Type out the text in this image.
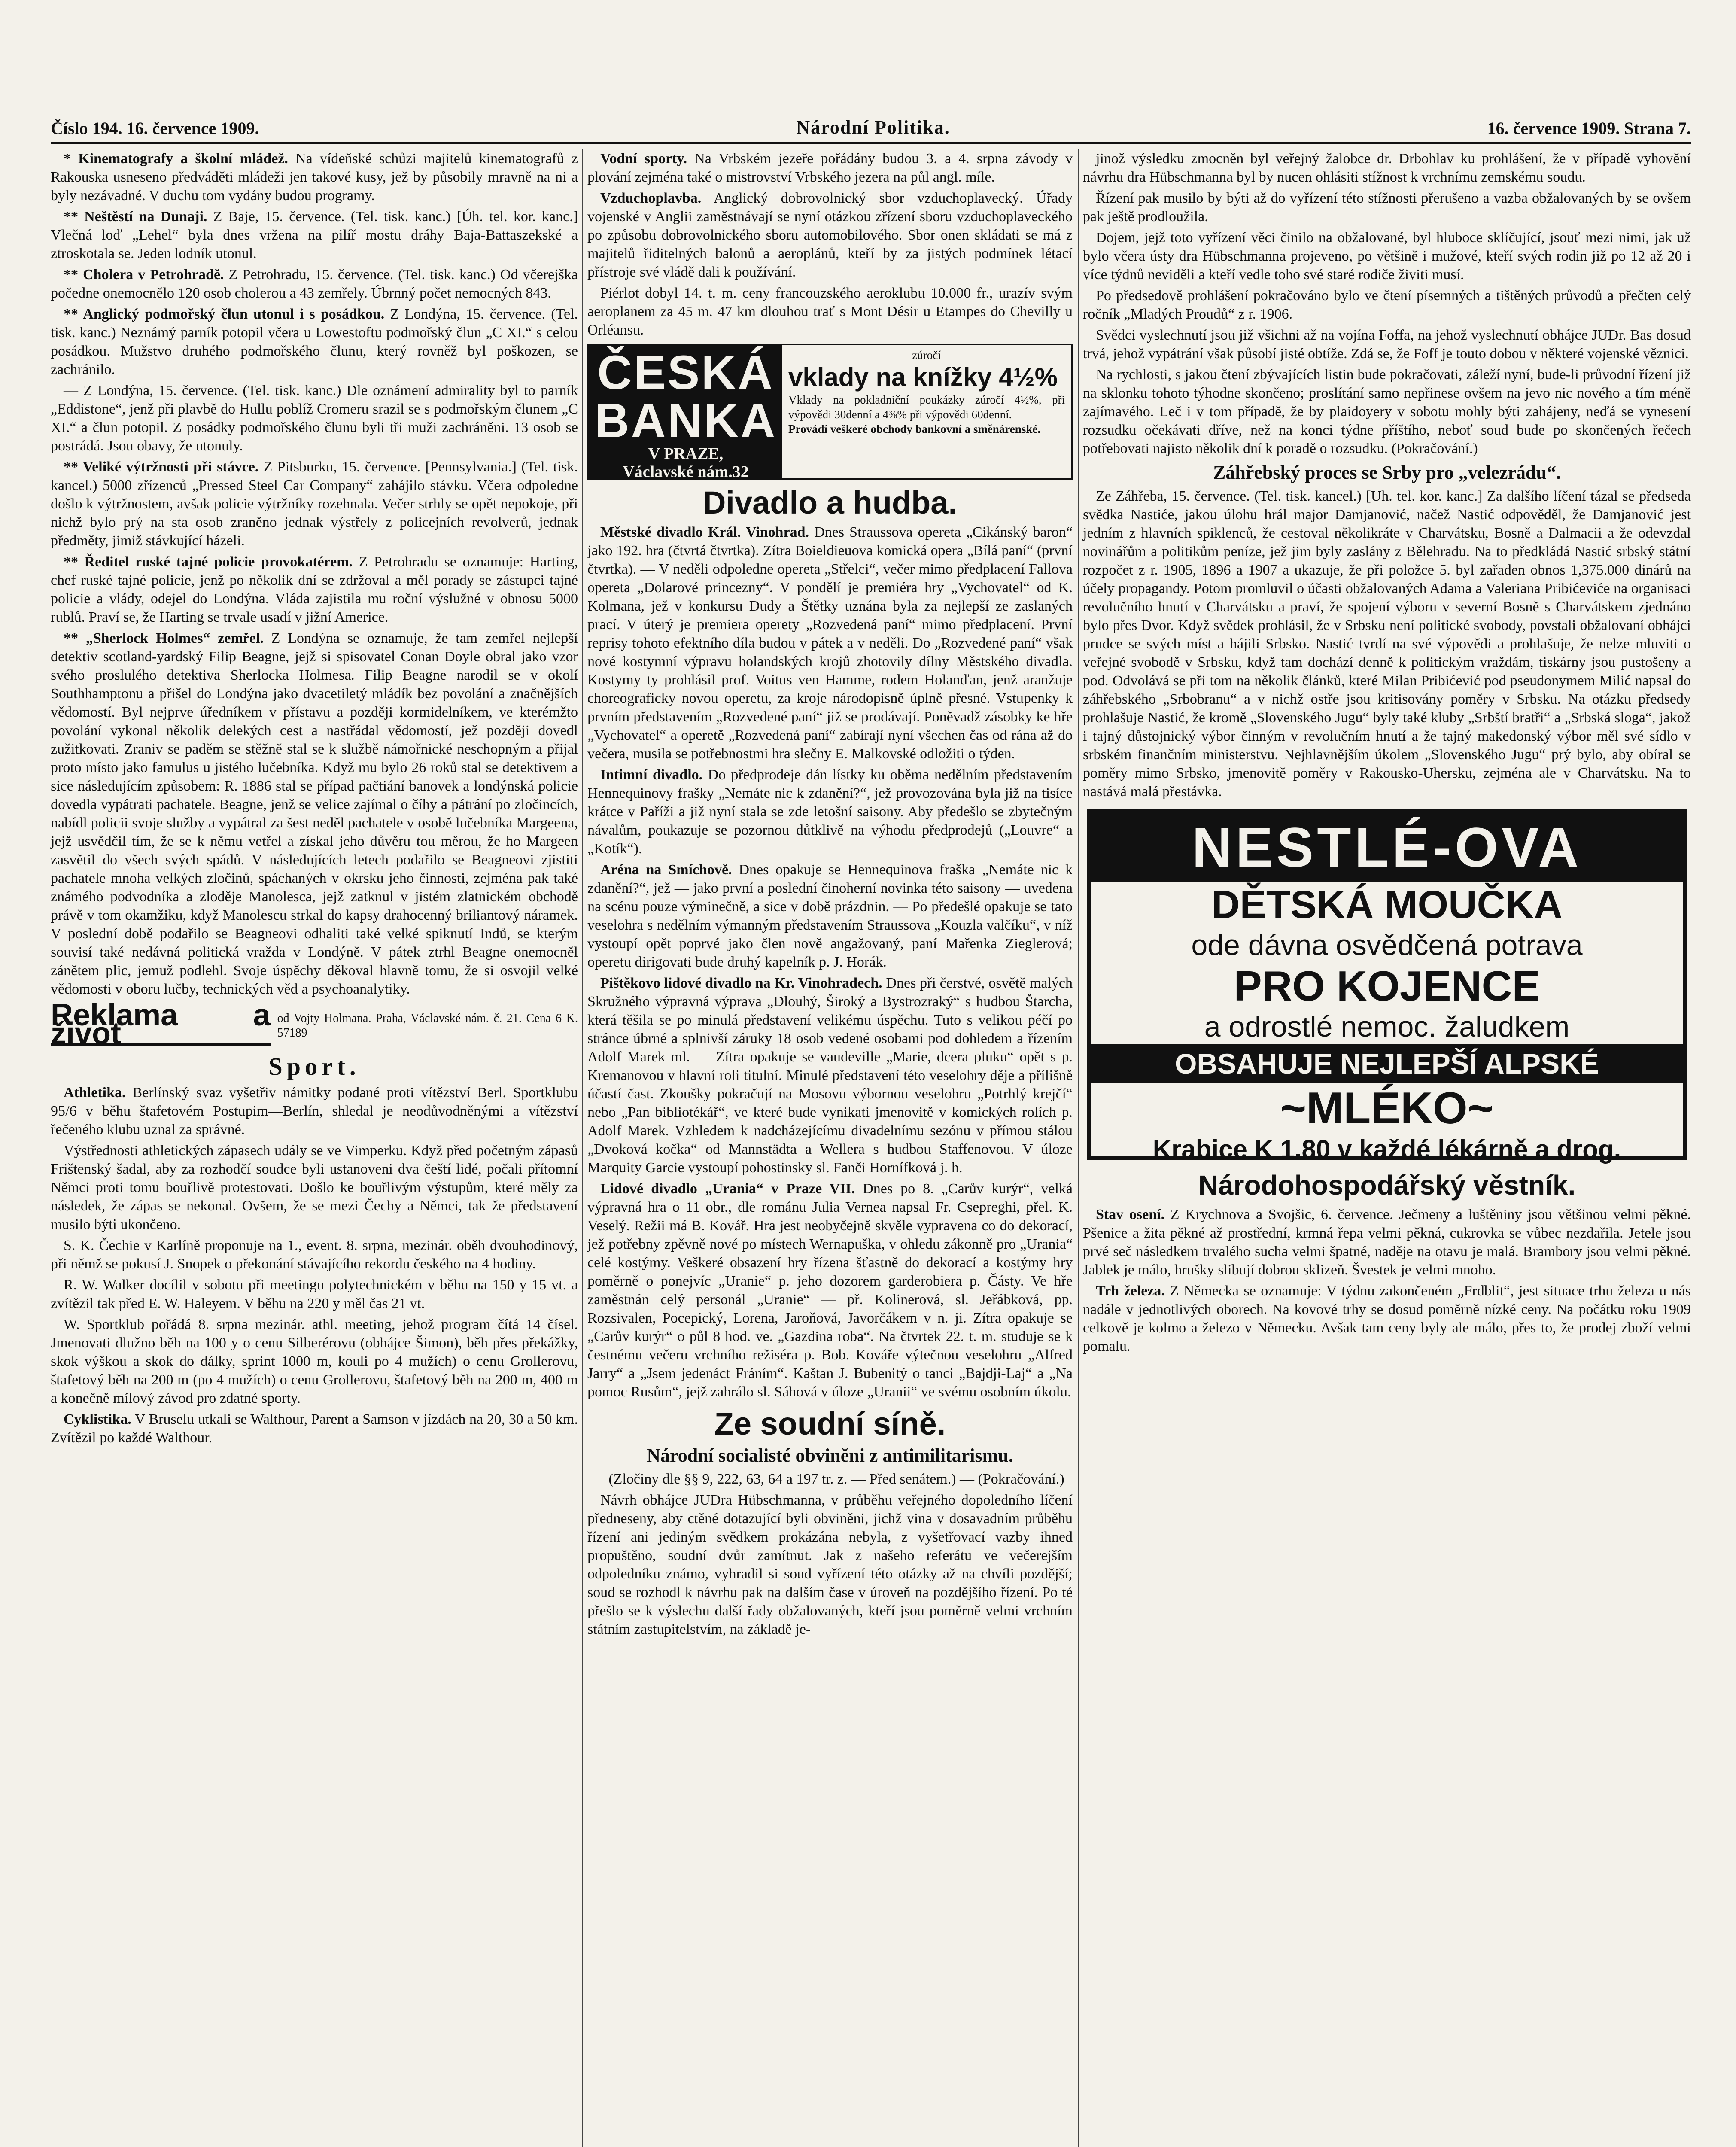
Číslo 194. 16. července 1909.	Národní Politika.	16. července 1909. Strana 7.

* Kinematografy a školní mládež. Na vídeňské schůzi majitelů kinematografů z Rakouska usneseno předváděti mládeži jen takové kusy, jež by působily mravně na ni a byly nezávadné. V duchu tom vydány budou programy.

** Neštěstí na Dunaji. Z Baje, 15. července. (Tel. tisk. kanc.) [Úh. tel. kor. kanc.] Vlečná loď „Lehel“ byla dnes vržena na pilíř mostu dráhy Baja-Battaszekské a ztroskotala se. Jeden lodník utonul.

** Cholera v Petrohradě. Z Petrohradu, 15. července. (Tel. tisk. kanc.) Od včerejška počedne onemocnělo 120 osob cholerou a 43 zemřely. Úbrnný počet nemocných 843.

** Anglický podmořský člun utonul i s posádkou. Z Londýna, 15. července. (Tel. tisk. kanc.) Neznámý parník potopil včera u Lowestoftu podmořský člun „C XI.“ s celou posádkou. Mužstvo druhého podmořského člunu, který rovněž byl poškozen, se zachránilo.

— Z Londýna, 15. července. (Tel. tisk. kanc.) Dle oznámení admirality byl to parník „Eddistone“, jenž při plavbě do Hullu poblíž Cromeru srazil se s podmořským člunem „C XI.“ a člun potopil. Z posádky podmořského člunu byli tři muži zachráněni. 13 osob se postrádá. Jsou obavy, že utonuly.

** Veliké výtržnosti při stávce. Z Pitsburku, 15. července. [Pennsylvania.] (Tel. tisk. kancel.) 5000 zřízenců „Pressed Steel Car Company“ zahájilo stávku. Včera odpoledne došlo k výtržnostem, avšak policie výtržníky rozehnala. Večer strhly se opět nepokoje, při nichž bylo prý na sta osob zraněno jednak výstřely z policejních revolverů, jednak předměty, jimiž stávkující házeli.

** Ředitel ruské tajné policie provokatérem. Z Petrohradu se oznamuje: Harting, chef ruské tajné policie, jenž po několik dní se zdržoval a měl porady se zástupci tajné policie a vlády, odejel do Londýna. Vláda zajistila mu roční výslužné v obnosu 5000 rublů. Praví se, že Harting se trvale usadí v jižní Americe.

** „Sherlock Holmes“ zemřel. Z Londýna se oznamuje, že tam zemřel nejlepší detektiv scotland-yardský Filip Beagne, jejž si spisovatel Conan Doyle obral jako vzor svého proslulého detektiva Sherlocka Holmesa. Filip Beagne narodil se v okolí Southhamptonu a přišel do Londýna jako dvacetiletý mládík bez povolání a značnějších vědomostí. Byl nejprve úředníkem v přístavu a později kormidelníkem, ve kterémžto povolání vykonal několik delekých cest a nastřádal vědomostí, jež později dovedl zužitkovati. Zraniv se paděm se stěžně stal se k službě námořnické neschopným a přijal proto místo jako famulus u jistého lučebníka. Když mu bylo 26 roků stal se detektivem a sice následujícím způsobem: R. 1886 stal se případ pačtiání banovek a londýnská policie dovedla vypátrati pachatele. Beagne, jenž se velice zajímal o číhy a pátrání po zločincích, nabídl policii svoje služby a vypátral za šest neděl pachatele v osobě lučebníka Margeena, jejž usvědčil tím, že se k němu vetřel a získal jeho důvěru tou měrou, že ho Margeen zasvětil do všech svých spádů. V následujících letech podařilo se Beagneovi zjistiti pachatele mnoha velkých zločinů, spáchaných v okrsku jeho činnosti, zejména pak také známého podvodníka a zloděje Manolesca, jejž zatknul v jistém zlatnickém obchodě právě v tom okamžiku, když Manolescu strkal do kapsy drahocenný briliantový náramek. V poslední době podařilo se Beagneovi odhaliti také velké spiknutí Indů, se kterým souvisí také nedávná politická vražda v Londýně. V pátek ztrhl Beagne onemocněl zánětem plic, jemuž podlehl. Svoje úspěchy děkoval hlavně tomu, že si osvojil velké vědomosti v oboru lučby, technických věd a psychoanalytiky.

Reklama a život	od Vojty Holmana. Praha, Václavské nám. č. 21. Cena 6 K. 57189
Sport.

Athletika. Berlínský svaz vyšetřiv námitky podané proti vítězství Berl. Sportklubu 95/6 v běhu štafetovém Postupim—Berlín, shledal je neodůvodněnými a vítězství řečeného klubu uznal za správné.

Výstřednosti athletických zápasech udály se ve Vimperku. Když před početným zápasů Frištenský šadal, aby za rozhodčí soudce byli ustanoveni dva čeští lidé, počali přítomní Němci proti tomu bouřlivě protestovati. Došlo ke bouřlivým výstupům, které měly za následek, že zápas se nekonal. Ovšem, že se mezi Čechy a Němci, tak že představení musilo býti ukončeno.

S. K. Čechie v Karlíně proponuje na 1., event. 8. srpna, mezinár. oběh dvouhodinový, při němž se pokusí J. Snopek o překonání stávajícího rekordu českého na 4 hodiny.

R. W. Walker docílil v sobotu při meetingu polytechnickém v běhu na 150 y 15 vt. a zvítězil tak před E. W. Haleyem. V běhu na 220 y měl čas 21 vt.

W. Sportklub pořádá 8. srpna mezinár. athl. meeting, jehož program čítá 14 čísel. Jmenovati dlužno běh na 100 y o cenu Silberérovu (obhájce Šimon), běh přes překážky, skok výškou a skok do dálky, sprint 1000 m, kouli po 4 mužích) o cenu Grollerovu, štafetový běh na 200 m (po 4 mužích) o cenu Grollerovu, štafetový běh na 200 m, 400 m a konečně mílový závod pro zdatné sporty.

Cyklistika. V Bruselu utkali se Walthour, Parent a Samson v jízdách na 20, 30 a 50 km. Zvítězil po každé Walthour.

Vodní sporty. Na Vrbském jezeře pořádány budou 3. a 4. srpna závody v plování zejména také o mistrovství Vrbského jezera na půl angl. míle.

Vzduchoplavba. Anglický dobrovolnický sbor vzduchoplavecký. Úřady vojenské v Anglii zaměstnávají se nyní otázkou zřízení sboru vzduchoplaveckého po způsobu dobrovolnického sboru automobilového. Sbor onen skládati se má z majitelů řiditelných balonů a aeroplánů, kteří by za jistých podmínek létací přístroje své vládě dali k používání.

Piérlot dobyl 14. t. m. ceny francouzského aeroklubu 10.000 fr., urazív svým aeroplanem za 45 m. 47 km dlouhou trať s Mont Désir u Etampes do Chevilly u Orléansu.

ČESKÁ
BANKA
V PRAZE,
Václavské nám.32
zúročí
vklady na knížky 4½%
Vklady na pokladniční poukázky zúročí 4½%, při výpovědi 30denní a 4⅜% při výpovědi 60denní.
Provádí veškeré obchody bankovní a směnárenské.
Divadlo a hudba.

Městské divadlo Král. Vinohrad. Dnes Straussova opereta „Cikánský baron“ jako 192. hra (čtvrtá čtvrtka). Zítra Boieldieuova komická opera „Bílá paní“ (první čtvrtka). — V neděli odpoledne opereta „Střelci“, večer mimo předplacení Fallova opereta „Dolarové princezny“. V pondělí je premiéra hry „Vychovatel“ od K. Kolmana, jež v konkursu Dudy a Štětky uznána byla za nejlepší ze zaslaných prací. V úterý je premiera operety „Rozvedená paní“ mimo předplacení. První reprisy tohoto efektního díla budou v pátek a v neděli. Do „Rozvedené paní“ však nové kostymní výpravu holandských krojů zhotovily dílny Městského divadla. Kostymy ty prohlásil prof. Voitus ven Hamme, rodem Holanďan, jenž aranžuje choreograficky novou operetu, za kroje národopisně úplně přesné. Vstupenky k prvním představením „Rozvedené paní“ již se prodávají. Poněvadž zásobky ke hře „Vychovatel“ a operetě „Rozvedená paní“ zabírají nyní všechen čas od rána až do večera, musila se potřebnostmi hra slečny E. Malkovské odložiti o týden.

Intimní divadlo. Do předprodeje dán lístky ku oběma nedělním představením Hennequinovy frašky „Nemáte nic k zdanění?“, jež provozována byla již na tisíce krátce v Paříži a již nyní stala se zde letošní saisony. Aby předešlo se zbytečným návalům, poukazuje se pozornou důtklivě na výhodu předprodejů („Louvre“ a „Kotík“).

Aréna na Smíchově. Dnes opakuje se Hennequinova fraška „Nemáte nic k zdanění?“, jež — jako první a poslední činoherní novinka této saisony — uvedena na scénu pouze výminečně, a sice v době prázdnin. — Po předešlé opakuje se tato veselohra s nedělním výmanným představením Straussova „Kouzla valčíku“, v níž vystoupí opět poprvé jako člen nově angažovaný, paní Mařenka Zieglerová; operetu dirigovati bude druhý kapelník p. J. Horák.

Pištěkovo lidové divadlo na Kr. Vinohradech. Dnes při čerstvé, osvětě malých Skružného výpravná výprava „Dlouhý, Široký a Bystrozraký“ s hudbou Štarcha, která těšila se po minulá představení velikému úspěchu. Tuto s velikou péčí po stránce úbrné a splnivší záruky 18 osob vedené osobami pod dohledem a řízením Adolf Marek ml. — Zítra opakuje se vaudeville „Marie, dcera pluku“ opět s p. Kremanovou v hlavní roli titulní. Minulé představení této veselohry děje a přílišně účastí čast. Zkoušky pokračují na Mosovu výbornou veselohru „Potrhlý krejčí“ nebo „Pan bibliotékář“, ve které bude vynikati jmenovitě v komických rolích p. Adolf Marek. Vzhledem k nadcházejícímu divadelnímu sezónu v přímou stálou „Dvoková kočka“ od Mannstädta a Wellera s hudbou Staffenovou. V úloze Marquity Garcie vystoupí pohostinsky sl. Fanči Hornífková j. h.

Lidové divadlo „Urania“ v Praze VII. Dnes po 8. „Carův kurýr“, velká výpravná hra o 11 obr., dle románu Julia Vernea napsal Fr. Csepreghi, přel. K. Veselý. Režii má B. Kovář. Hra jest neobyčejně skvěle vypravena co do dekorací, jež potřebny zpěvně nové po místech Wernapuška, v ohledu zákonně pro „Urania“ celé kostýmy. Veškeré obsazení hry řízena šťastně do dekorací a kostýmy hry poměrně o ponejvíc „Uranie“ p. jeho dozorem garderobiera p. Částy. Ve hře zaměstnán celý personál „Uranie“ — př. Kolinerová, sl. Jeřábková, pp. Rozsivalen, Pocepický, Lorena, Jaroňová, Javorčákem v n. ji. Zítra opakuje se „Carův kurýr“ o půl 8 hod. ve. „Gazdina roba“. Na čtvrtek 22. t. m. studuje se k čestnému večeru vrchního režiséra p. Bob. Kováře výtečnou veselohru „Alfred Jarry“ a „Jsem jedenáct Fráním“. Kaštan J. Bubenitý o tanci „Bajdji-Laj“ a „Na pomoc Rusům“, jejž zahrálo sl. Sáhová v úloze „Uranii“ ve svému osobním úkolu.

Ze soudní síně.
Národní socialisté obviněni z antimilitarismu.

(Zločiny dle §§ 9, 222, 63, 64 a 197 tr. z. — Před senátem.) — (Pokračování.)

Návrh obhájce JUDra Hübschmanna, v průběhu veřejného dopoledního líčení předneseny, aby ctěné dotazující byli obviněni, jichž vina v dosavadním průběhu řízení ani jediným svědkem prokázána nebyla, z vyšetřovací vazby ihned propuštěno, soudní dvůr zamítnut. Jak z našeho referátu ve večerejším odpoledníku známo, vyhradil si soud vyřízení této otázky až na chvíli pozdější; soud se rozhodl k návrhu pak na dalším čase v úroveň na pozdějšího řízení. Po té přešlo se k výslechu další řady obžalovaných, kteří jsou poměrně velmi vrchním státním zastupitelstvím, na základě je-

jinož výsledku zmocněn byl veřejný žalobce dr. Drbohlav ku prohlášení, že v případě vyhovění návrhu dra Hübschmanna byl by nucen ohlásiti stížnost k vrchnímu zemskému soudu.

Řízení pak musilo by býti až do vyřízení této stížnosti přerušeno a vazba obžalovaných by se ovšem pak ještě prodloužila.

Dojem, jejž toto vyřízení věci činilo na obžalované, byl hluboce sklíčující, jsouť mezi nimi, jak už bylo včera ústy dra Hübschmanna projeveno, po většině i mužové, kteří svých rodin již po 12 až 20 i více týdnů neviděli a kteří vedle toho své staré rodiče živiti musí.

Po předsedově prohlášení pokračováno bylo ve čtení písemných a tištěných průvodů a přečten celý ročník „Mladých Proudů“ z r. 1906.

Svědci vyslechnutí jsou již všichni až na vojína Foffa, na jehož vyslechnutí obhájce JUDr. Bas dosud trvá, jehož vypátrání však působí jisté obtíže. Zdá se, že Foff je touto dobou v některé vojenské věznici.

Na rychlosti, s jakou čtení zbývajících listin bude pokračovati, záleží nyní, bude-li průvodní řízení již na sklonku tohoto týhodne skončeno; proslítání samo nepřinese ovšem na jevo nic nového a tím méně zajímavého. Leč i v tom případě, že by plaidoyery v sobotu mohly býti zahájeny, neďá se vynesení rozsudku očekávati dříve, než na konci týdne příštího, neboť soud bude po skončených řečech potřebovati najisto několik dní k poradě o rozsudku. (Pokračování.)

Záhřebský proces se Srby pro „velezrádu“.

Ze Záhřeba, 15. července. (Tel. tisk. kancel.) [Uh. tel. kor. kanc.] Za dalšího líčení tázal se předseda svědka Nastiće, jakou úlohu hrál major Damjanović, načež Nastić odpověděl, že Damjanović jest jedním z hlavních spiklenců, že cestoval několikráte v Charvátsku, Bosně a Dalmacii a že odevzdal novinářům a politikům peníze, jež jim byly zaslány z Bělehradu. Na to předkládá Nastić srbský státní rozpočet z r. 1905, 1896 a 1907 a ukazuje, že při položce 5. byl zařaden obnos 1,375.000 dinárů na účely propagandy. Potom promluvil o účasti obžalovaných Adama a Valeriana Pribićeviće na organisaci revolučního hnutí v Charvátsku a praví, že spojení výboru v severní Bosně s Charvátskem zjednáno bylo přes Dvor. Když svědek prohlásil, že v Srbsku není politické svobody, povstali obžalovaní obhájci prudce se svých míst a hájili Srbsko. Nastić tvrdí na své výpovědi a prohlašuje, že nelze mluviti o veřejné svobodě v Srbsku, když tam dochází denně k politickým vraždám, tiskárny jsou pustošeny a pod. Odvolává se při tom na několik článků, které Milan Pribićević pod pseudonymem Milić napsal do záhřebského „Srbobranu“ a v nichž ostře jsou kritisovány poměry v Srbsku. Na otázku předsedy prohlašuje Nastić, že kromě „Slovenského Jugu“ byly také kluby „Srbští bratři“ a „Srbská sloga“, jakož i tajný důstojnický výbor činným v revolučním hnutí a že tajný makedonský výbor měl své sídlo v srbském finančním ministerstvu. Nejhlavnějším úkolem „Slovenského Jugu“ prý bylo, aby obíral se poměry mimo Srbsko, jmenovitě poměry v Rakousko-Uhersku, zejména ale v Charvátsku. Na to nastává malá přestávka.

NESTLÉ-OVA
DĚTSKÁ MOUČKA
ode dávna osvědčená potrava
PRO KOJENCE
a odrostlé nemoc. žaludkem
OBSAHUJE NEJLEPŠÍ ALPSKÉ
~MLÉKO~
Krabice K 1.80 v každé lékárně a drog.
Národohospodářský věstník.

Stav osení. Z Krychnova a Svojšic, 6. července. Ječmeny a luštěniny jsou většinou velmi pěkné. Pšenice a žita pěkné až prostřední, krmná řepa velmi pěkná, cukrovka se vůbec nezdařila. Jetele jsou prvé seč následkem trvalého sucha velmi špatné, naděje na otavu je malá. Brambory jsou velmi pěkné. Jablek je málo, hrušky slibují dobrou sklizeň. Švestek je velmi mnoho.

Trh železa. Z Německa se oznamuje: V týdnu zakončeném „Frdblit“, jest situace trhu železa u nás nadále v jednotlivých oborech. Na kovové trhy se dosud poměrně nízké ceny. Na počátku roku 1909 celkově je kolmo a železo v Německu. Avšak tam ceny byly ale málo, přes to, že prodej zboží velmi pomalu.
